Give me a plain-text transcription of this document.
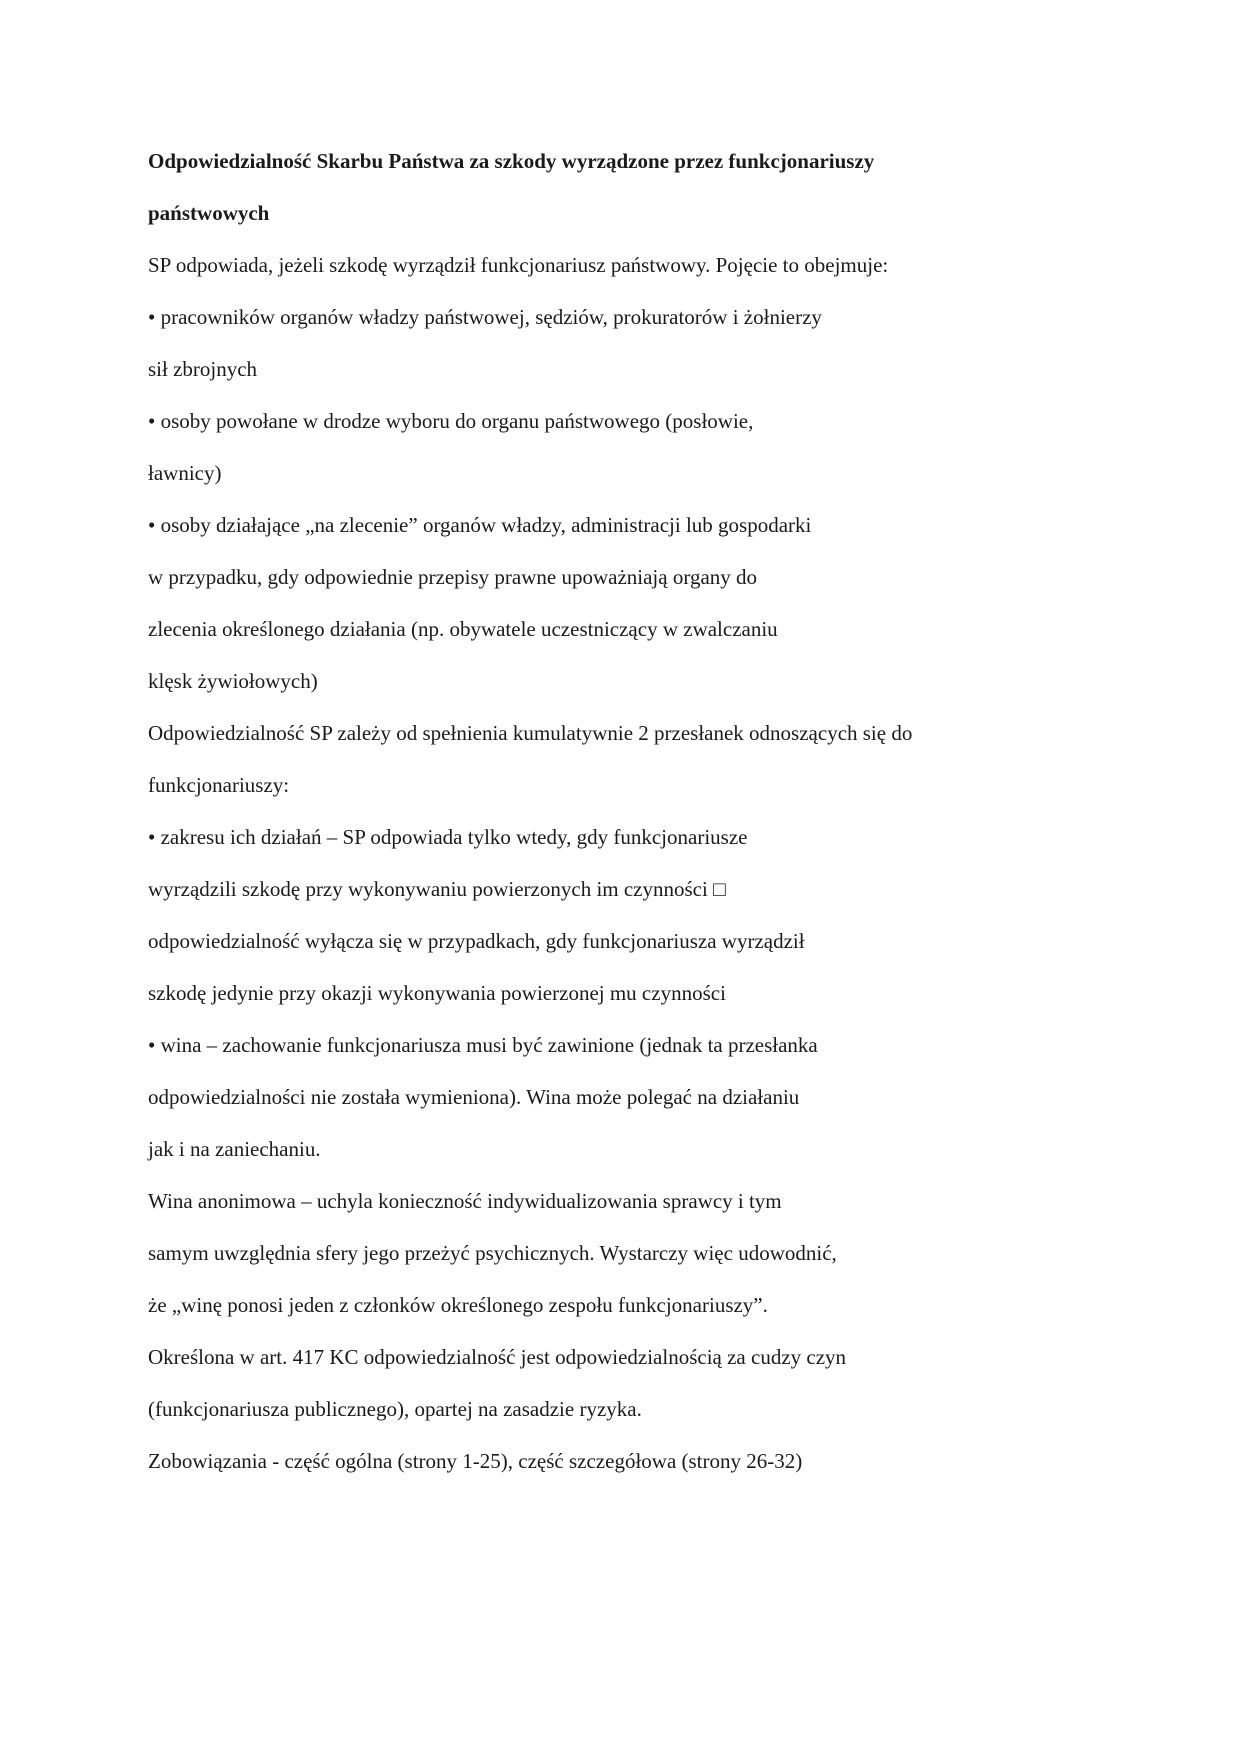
Odpowiedzialność Skarbu Państwa za szkody wyrządzone przez funkcjonariuszy
państwowych
SP odpowiada, jeżeli szkodę wyrządził funkcjonariusz państwowy. Pojęcie to obejmuje:
• pracowników organów władzy państwowej, sędziów, prokuratorów i żołnierzy
sił zbrojnych
• osoby powołane w drodze wyboru do organu państwowego (posłowie,
ławnicy)
• osoby działające „na zlecenie” organów władzy, administracji lub gospodarki
w przypadku, gdy odpowiednie przepisy prawne upoważniają organy do
zlecenia określonego działania (np. obywatele uczestniczący w zwalczaniu
klęsk żywiołowych)
Odpowiedzialność SP zależy od spełnienia kumulatywnie 2 przesłanek odnoszących się do
funkcjonariuszy:
• zakresu ich działań – SP odpowiada tylko wtedy, gdy funkcjonariusze
wyrządzili szkodę przy wykonywaniu powierzonych im czynności □
odpowiedzialność wyłącza się w przypadkach, gdy funkcjonariusza wyrządził
szkodę jedynie przy okazji wykonywania powierzonej mu czynności
• wina – zachowanie funkcjonariusza musi być zawinione (jednak ta przesłanka
odpowiedzialności nie została wymieniona). Wina może polegać na działaniu
jak i na zaniechaniu.
Wina anonimowa – uchyla konieczność indywidualizowania sprawcy i tym
samym uwzględnia sfery jego przeżyć psychicznych. Wystarczy więc udowodnić,
że „winę ponosi jeden z członków określonego zespołu funkcjonariuszy”.
Określona w art. 417 KC odpowiedzialność jest odpowiedzialnością za cudzy czyn
(funkcjonariusza publicznego), opartej na zasadzie ryzyka.
Zobowiązania - część ogólna (strony 1-25), część szczegółowa (strony 26-32)
